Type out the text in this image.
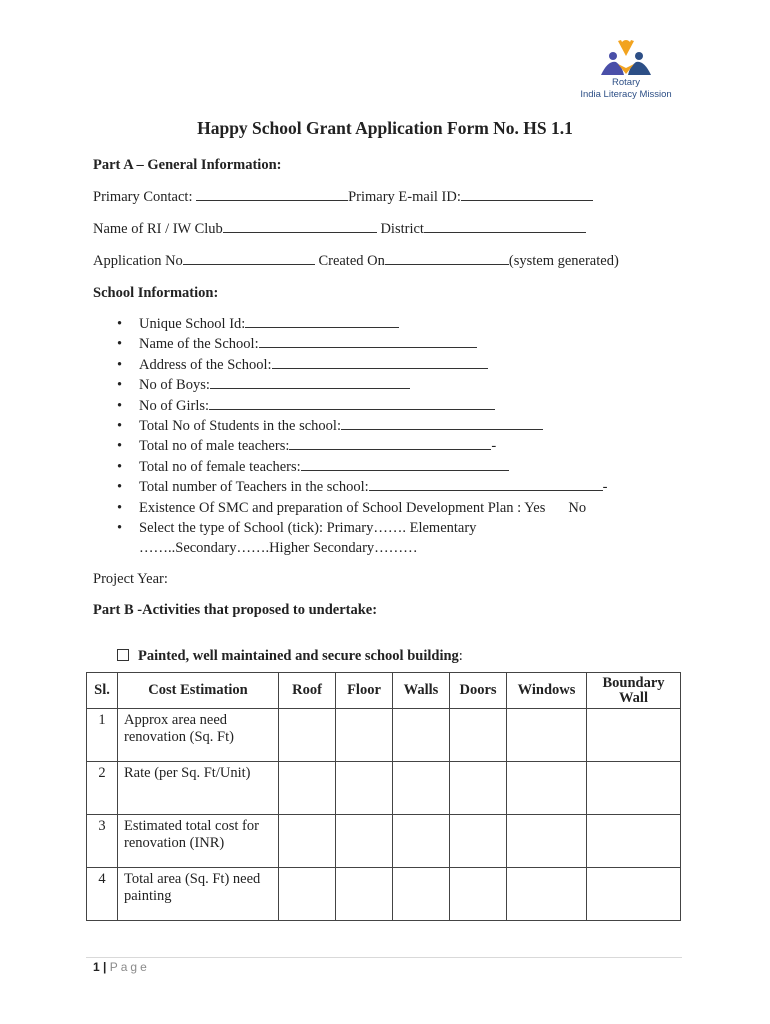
Rotary
India Literacy Mission
Happy School Grant Application Form No. HS 1.1
Part A – General Information:
Primary Contact:	Primary E-mail ID:
Name of RI / IW Club	District
Application No	Created On	(system generated)
School Information:
• Unique School Id:
• Name of the School:
• Address of the School:
• No of Boys:
• No of Girls:
• Total No of Students in the school:
• Total no of male teachers:	-
• Total no of female teachers:
• Total number of Teachers in the school:	-
• Existence Of SMC and preparation of School Development Plan : Yes No
• Select the type of School (tick): Primary……. Elementary
……..Secondary…….Higher Secondary………
Project Year:
Part B -Activities that proposed to undertake:
Painted, well maintained and secure school building:
Sl.	Cost Estimation	Roof	Floor	Walls	Doors	Windows	Boundary Wall
1	Approx area need renovation (Sq. Ft)						
2	Rate (per Sq. Ft/Unit)						
3	Estimated total cost for renovation (INR)						
4	Total area (Sq. Ft) need painting						
1 | Page
